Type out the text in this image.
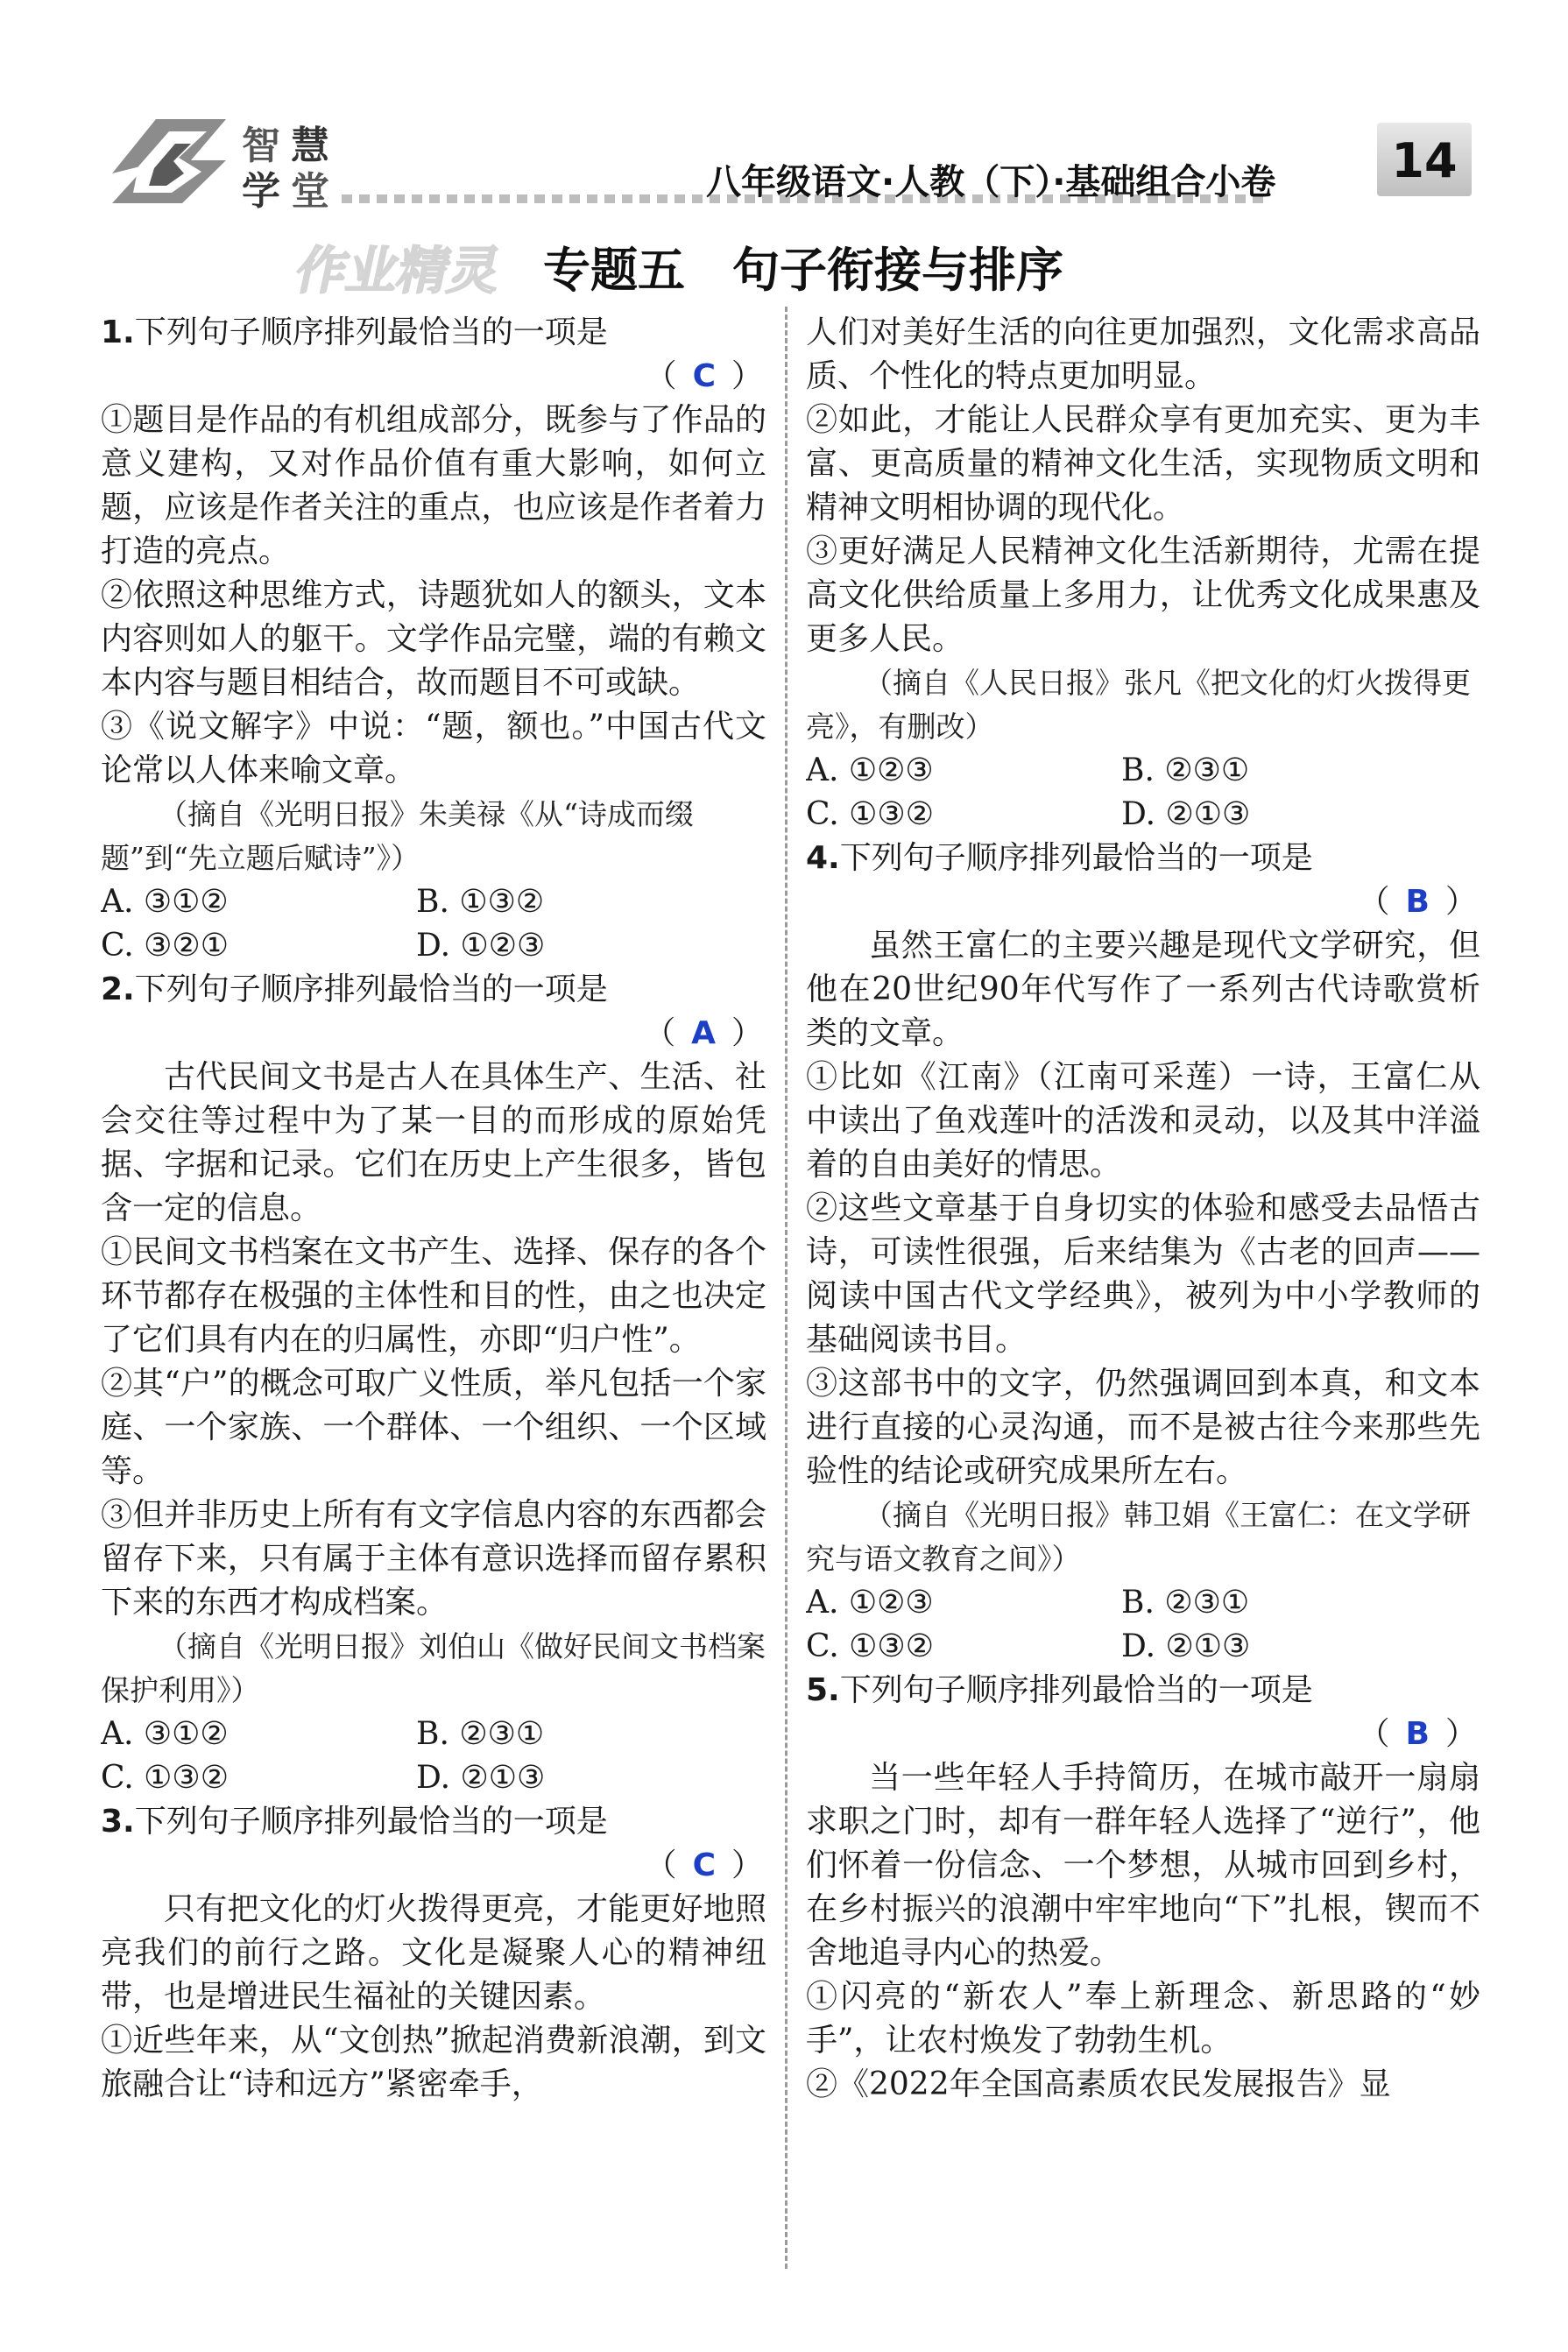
智 慧
学 堂	八年级语文·人教（下）·基础组合小卷	14
作业精灵 专题五　句子衔接与排序
1. 下列句子顺序排列最恰当的一项是
（ C ）

①题目是作品的有机组成部分，既参与了作品的意义建构，又对作品价值有重大影响，如何立题，应该是作者关注的重点，也应该是作者着力打造的亮点。

②依照这种思维方式，诗题犹如人的额头，文本内容则如人的躯干。文学作品完璧，端的有赖文本内容与题目相结合，故而题目不可或缺。

③《说文解字》中说：“题，额也。”中国古代文论常以人体来喻文章。

（摘自《光明日报》朱美禄《从“诗成而缀题”到“先立题后赋诗”》）

A. ③①②	B. ①③②
C. ③②①	D. ①②③
2. 下列句子顺序排列最恰当的一项是
（ A ）

古代民间文书是古人在具体生产、生活、社会交往等过程中为了某一目的而形成的原始凭据、字据和记录。它们在历史上产生很多，皆包含一定的信息。

①民间文书档案在文书产生、选择、保存的各个环节都存在极强的主体性和目的性，由之也决定了它们具有内在的归属性，亦即“归户性”。

②其“户”的概念可取广义性质，举凡包括一个家庭、一个家族、一个群体、一个组织、一个区域等。

③但并非历史上所有有文字信息内容的东西都会留存下来，只有属于主体有意识选择而留存累积下来的东西才构成档案。

（摘自《光明日报》刘伯山《做好民间文书档案保护利用》）

A. ③①②	B. ②③①
C. ①③②	D. ②①③
3. 下列句子顺序排列最恰当的一项是
（ C ）

只有把文化的灯火拨得更亮，才能更好地照亮我们的前行之路。文化是凝聚人心的精神纽带，也是增进民生福祉的关键因素。

①近些年来，从“文创热”掀起消费新浪潮，到文旅融合让“诗和远方”紧密牵手，

人们对美好生活的向往更加强烈，文化需求高品质、个性化的特点更加明显。

②如此，才能让人民群众享有更加充实、更为丰富、更高质量的精神文化生活，实现物质文明和精神文明相协调的现代化。

③更好满足人民精神文化生活新期待，尤需在提高文化供给质量上多用力，让优秀文化成果惠及更多人民。

（摘自《人民日报》张凡《把文化的灯火拨得更亮》，有删改）

A. ①②③	B. ②③①
C. ①③②	D. ②①③
4. 下列句子顺序排列最恰当的一项是
（ B ）

虽然王富仁的主要兴趣是现代文学研究，但他在20世纪90年代写作了一系列古代诗歌赏析类的文章。

①比如《江南》（江南可采莲）一诗，王富仁从中读出了鱼戏莲叶的活泼和灵动，以及其中洋溢着的自由美好的情思。

②这些文章基于自身切实的体验和感受去品悟古诗，可读性很强，后来结集为《古老的回声——阅读中国古代文学经典》，被列为中小学教师的基础阅读书目。

③这部书中的文字，仍然强调回到本真，和文本进行直接的心灵沟通，而不是被古往今来那些先验性的结论或研究成果所左右。

（摘自《光明日报》韩卫娟《王富仁：在文学研究与语文教育之间》）

A. ①②③	B. ②③①
C. ①③②	D. ②①③
5. 下列句子顺序排列最恰当的一项是
（ B ）

当一些年轻人手持简历，在城市敲开一扇扇求职之门时，却有一群年轻人选择了“逆行”，他们怀着一份信念、一个梦想，从城市回到乡村，在乡村振兴的浪潮中牢牢地向“下”扎根，锲而不舍地追寻内心的热爱。

①闪亮的“新农人”奉上新理念、新思路的“妙手”，让农村焕发了勃勃生机。

②《2022年全国高素质农民发展报告》显
